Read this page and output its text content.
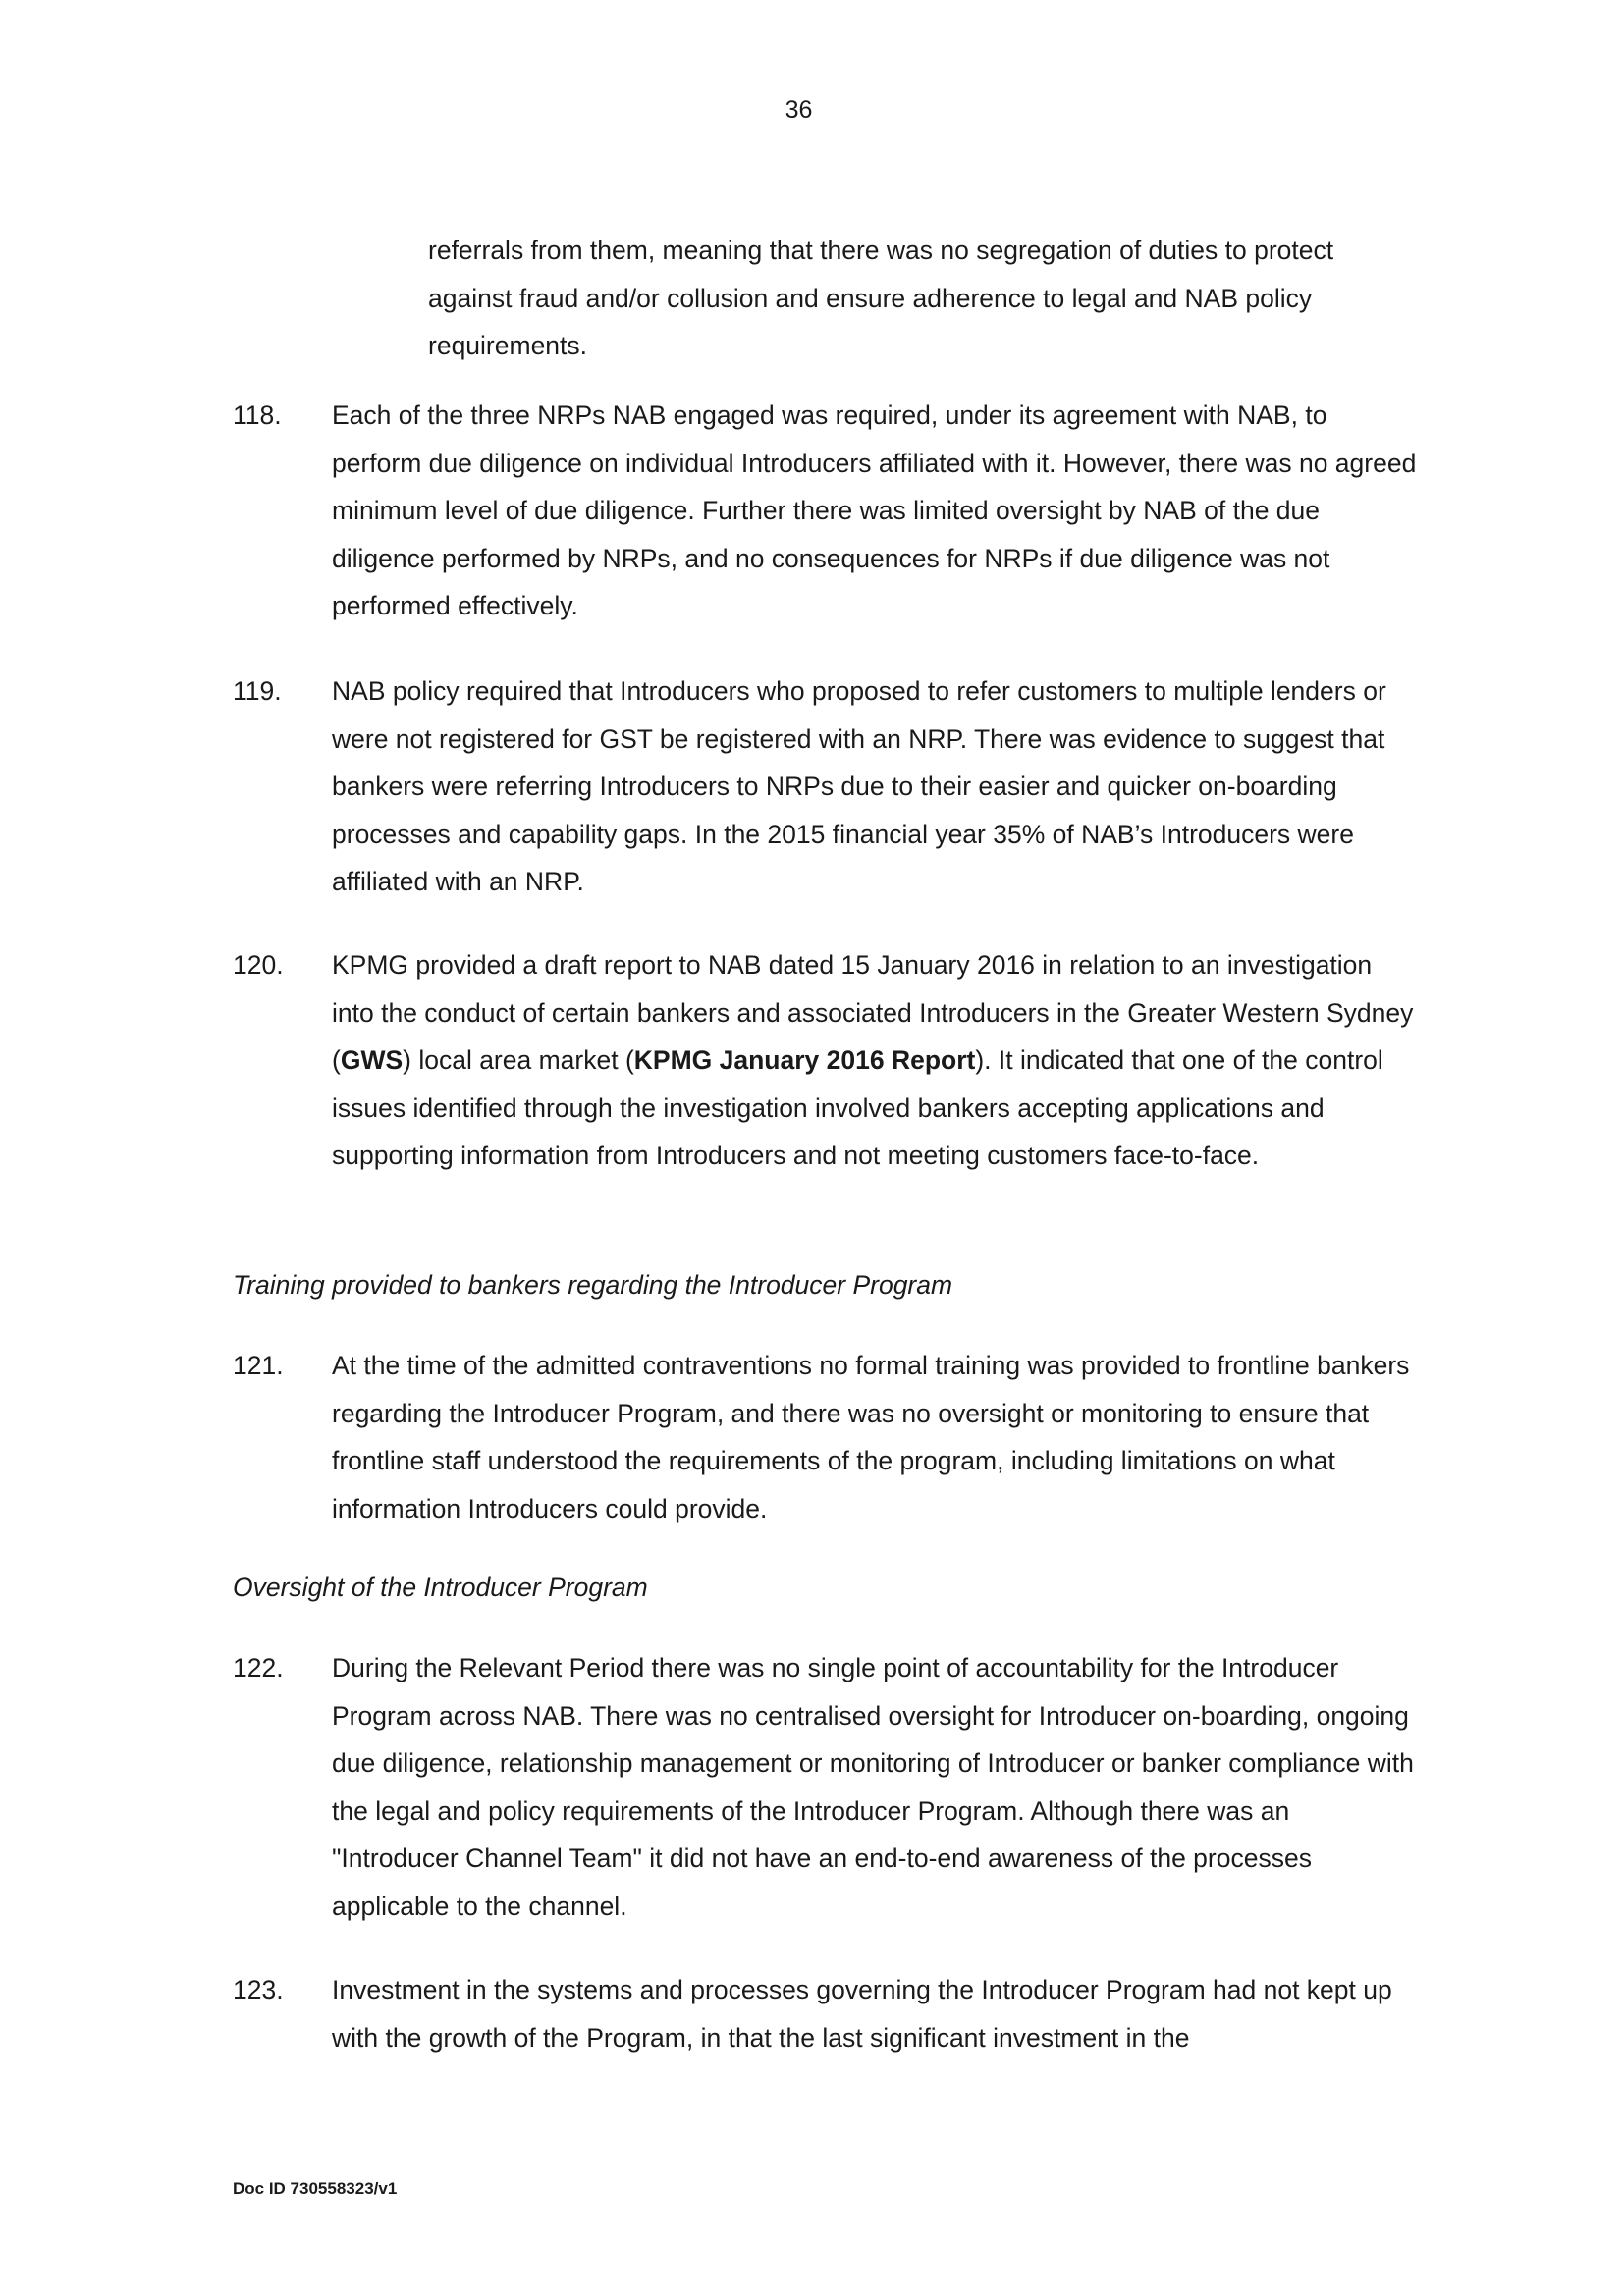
36

referrals from them, meaning that there was no segregation of duties to protect against fraud and/or collusion and ensure adherence to legal and NAB policy requirements.

118. Each of the three NRPs NAB engaged was required, under its agreement with NAB, to perform due diligence on individual Introducers affiliated with it. However, there was no agreed minimum level of due diligence. Further there was limited oversight by NAB of the due diligence performed by NRPs, and no consequences for NRPs if due diligence was not performed effectively.

119. NAB policy required that Introducers who proposed to refer customers to multiple lenders or were not registered for GST be registered with an NRP. There was evidence to suggest that bankers were referring Introducers to NRPs due to their easier and quicker on-boarding processes and capability gaps. In the 2015 financial year 35% of NAB’s Introducers were affiliated with an NRP.

120. KPMG provided a draft report to NAB dated 15 January 2016 in relation to an investigation into the conduct of certain bankers and associated Introducers in the Greater Western Sydney (GWS) local area market (KPMG January 2016 Report). It indicated that one of the control issues identified through the investigation involved bankers accepting applications and supporting information from Introducers and not meeting customers face-to-face.

Training provided to bankers regarding the Introducer Program

121. At the time of the admitted contraventions no formal training was provided to frontline bankers regarding the Introducer Program, and there was no oversight or monitoring to ensure that frontline staff understood the requirements of the program, including limitations on what information Introducers could provide.

Oversight of the Introducer Program

122. During the Relevant Period there was no single point of accountability for the Introducer Program across NAB. There was no centralised oversight for Introducer on-boarding, ongoing due diligence, relationship management or monitoring of Introducer or banker compliance with the legal and policy requirements of the Introducer Program. Although there was an "Introducer Channel Team" it did not have an end-to-end awareness of the processes applicable to the channel.

123. Investment in the systems and processes governing the Introducer Program had not kept up with the growth of the Program, in that the last significant investment in the

Doc ID 730558323/v1
